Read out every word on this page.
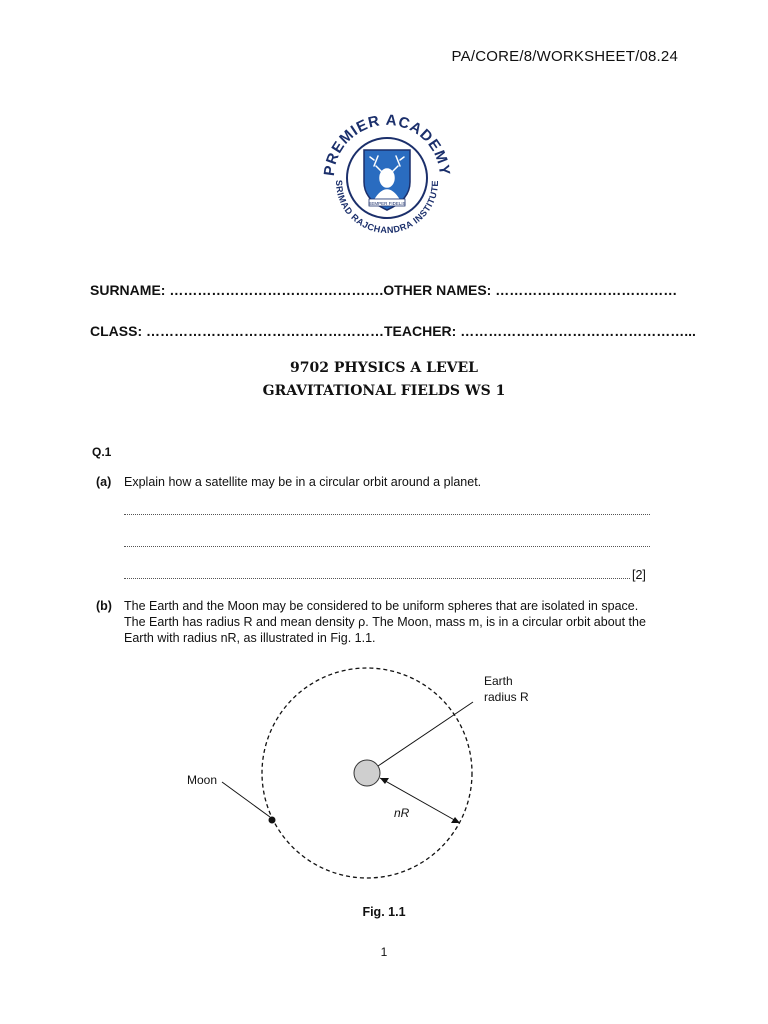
PA/CORE/8/WORKSHEET/08.24
PREMIER ACADEMY
SRIMAD RAJCHANDRA INSTITUTE
SEMPER FIDELIS
SURNAME: ……………………………………….OTHER NAMES: …………………………………
CLASS: ……………………………………………TEACHER: …………………………………………...
9702 PHYSICS A LEVEL
GRAVITATIONAL FIELDS WS 1
Q.1
(a) Explain how a satellite may be in a circular orbit around a planet.
[2]
(b) The Earth and the Moon may be considered to be uniform spheres that are isolated in space. The Earth has radius R and mean density ρ. The Moon, mass m, is in a circular orbit about the Earth with radius nR, as illustrated in Fig. 1.1.
Earth
radius R
Moon
nR
Fig. 1.1
1
